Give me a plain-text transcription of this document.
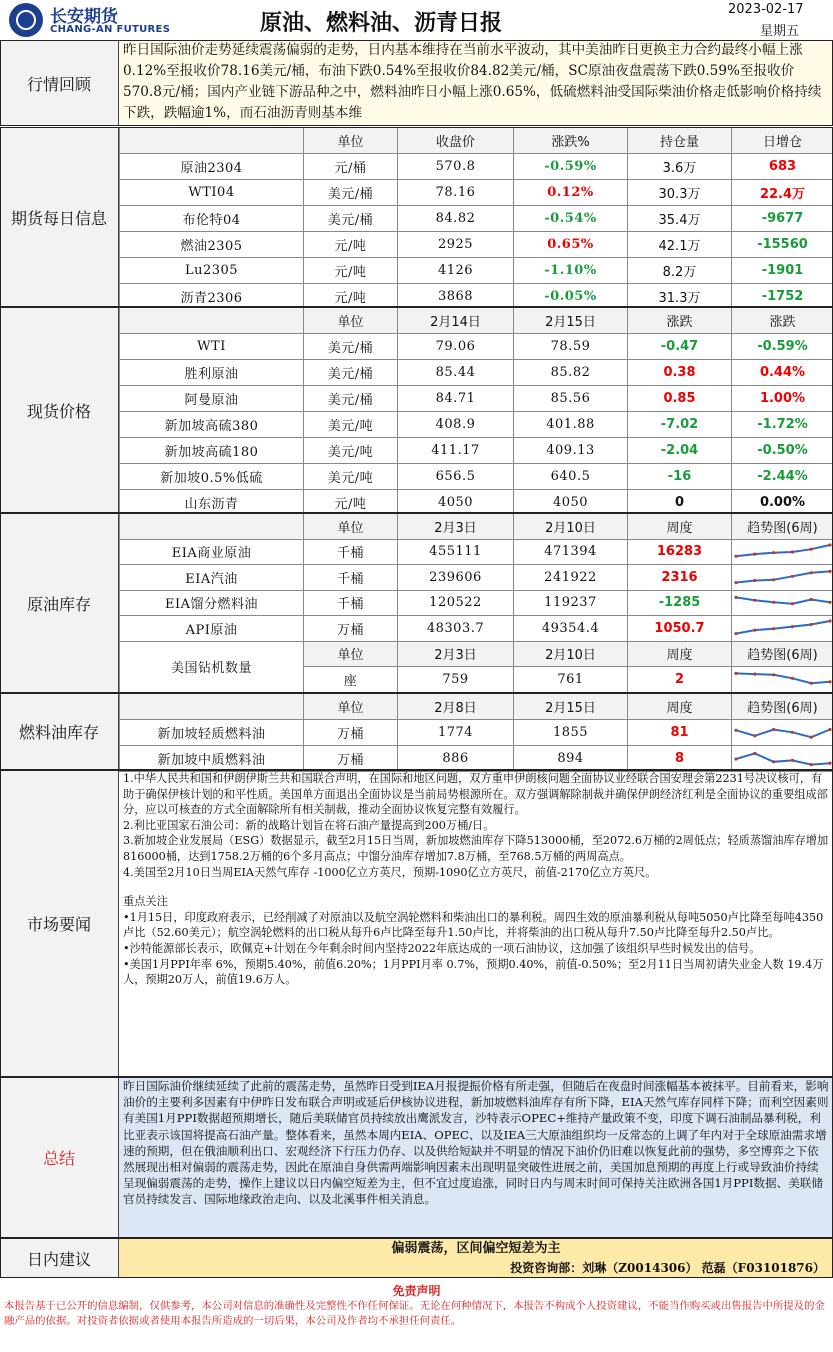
长安期货
CHANG-AN FUTURES	原油、燃料油、沥青日报
2023-02-17
星期五
行情回顾
昨日国际油价走势延续震荡偏弱的走势，日内基本维持在当前水平波动，其中美油昨日更换主力合约最终小幅上涨0.12%至报收价78.16美元/桶，布油下跌0.54%至报收价84.82美元/桶，SC原油夜盘震荡下跌0.59%至报收价570.8元/桶；国内产业链下游品种之中，燃料油昨日小幅上涨0.65%，低硫燃料油受国际柴油价格走低影响价格持续下跌，跌幅逾1%，而石油沥青则基本维
期货每日信息
	单位	收盘价	涨跌%	持仓量	日增仓
原油2304	元/桶	570.8	-0.59%	3.6万	683
WTI04	美元/桶	78.16	0.12%	30.3万	22.4万
布伦特04	美元/桶	84.82	-0.54%	35.4万	-9677
燃油2305	元/吨	2925	0.65%	42.1万	-15560
Lu2305	元/吨	4126	-1.10%	8.2万	-1901
沥青2306	元/吨	3868	-0.05%	31.3万	-1752
现货价格
	单位	2月14日	2月15日	涨跌	涨跌
WTI	美元/桶	79.06	78.59	-0.47	-0.59%
胜利原油	美元/桶	85.44	85.82	0.38	0.44%
阿曼原油	美元/桶	84.71	85.56	0.85	1.00%
新加坡高硫380	美元/吨	408.9	401.88	-7.02	-1.72%
新加坡高硫180	美元/吨	411.17	409.13	-2.04	-0.50%
新加坡0.5%低硫	美元/吨	656.5	640.5	-16	-2.44%
山东沥青	元/吨	4050	4050	0	0.00%
原油库存
	单位	2月3日	2月10日	周度	趋势图(6周)
EIA商业原油	千桶	455111	471394	16283	

EIA汽油	千桶	239606	241922	2316	

EIA馏分燃料油	千桶	120522	119237	-1285	

API原油	万桶	48303.7	49354.4	1050.7	

美国钻机数量	单位	2月3日	2月10日	周度	趋势图(6周)
	座	759	761	2	
燃料油库存
	单位	2月8日	2月15日	周度	趋势图(6周)
新加坡轻质燃料油	万桶	1774	1855	81	

新加坡中质燃料油	万桶	886	894	8	
市场要闻

1.中华人民共和国和伊朗伊斯兰共和国联合声明，在国际和地区问题，双方重申伊朗核问题全面协议业经联合国安理会第2231号决议核可，有助于确保伊核计划的和平性质。美国单方面退出全面协议是当前局势根源所在。双方强调解除制裁并确保伊朗经济红利是全面协议的重要组成部分，应以可核查的方式全面解除所有相关制裁，推动全面协议恢复完整有效履行。

2.利比亚国家石油公司：新的战略计划旨在将石油产量提高到200万桶/日。

3.新加坡企业发展局（ESG）数据显示，截至2月15日当周，新加坡燃油库存下降513000桶，至2072.6万桶的2周低点；轻质蒸馏油库存增加816000桶，达到1758.2万桶的6个多月高点；中馏分油库存增加7.8万桶，至768.5万桶的两周高点。

4.美国至2月10日当周EIA天然气库存 -1000亿立方英尺，预期-1090亿立方英尺，前值-2170亿立方英尺。

重点关注

•1月15日，印度政府表示，已经削减了对原油以及航空涡轮燃料和柴油出口的暴利税。周四生效的原油暴利税从每吨5050卢比降至每吨4350卢比（52.60美元）；航空涡轮燃料的出口税从每升6卢比降至每升1.50卢比，并将柴油的出口税从每升7.50卢比降至每升2.50卢比。

•沙特能源部长表示，欧佩克+计划在今年剩余时间内坚持2022年底达成的一项石油协议，这加强了该组织早些时候发出的信号。

•美国1月PPI年率 6%，预期5.40%，前值6.20%；1月PPI月率 0.7%，预期0.40%，前值-0.50%；至2月11日当周初请失业金人数 19.4万人，预期20万人，前值19.6万人。

总结
昨日国际油价继续延续了此前的震荡走势，虽然昨日受到IEA月报提振价格有所走强，但随后在夜盘时间涨幅基本被抹平。目前看来，影响油价的主要利多因素有中伊昨日发布联合声明或延后伊核协议进程，新加坡燃料油库存有所下降，EIA天然气库存同样下降；而利空因素则有美国1月PPI数据超预期增长，随后美联储官员持续放出鹰派发言，沙特表示OPEC+维持产量政策不变，印度下调石油制品暴利税，利比亚表示该国将提高石油产量。整体看来，虽然本周内EIA、OPEC、以及IEA三大原油组织均一反常态的上调了年内对于全球原油需求增速的预期，但在俄油顺利出口、宏观经济下行压力仍存、以及供给短缺并不明显的情况下油价仍旧难以恢复此前的强势，多空博弈之下依然展现出相对偏弱的震荡走势，因此在原油自身供需两端影响因素未出现明显突破性进展之前，美国加息预期的再度上行或导致油价持续呈现偏弱震荡的走势，操作上建议以日内偏空短差为主，但不宜过度追涨，同时日内与周末时间可保持关注欧洲各国1月PPI数据、美联储官员持续发言、国际地缘政治走向、以及北溪事件相关消息。
日内建议
偏弱震荡，区间偏空短差为主
投资咨询部：刘琳（Z0014306） 范磊（F03101876）
免责声明
本报告基于已公开的信息编制，仅供参考，本公司对信息的准确性及完整性不作任何保证。无论在何种情况下，本报告不构成个人投资建议，不能当作购买或出售报告中所提及的金融产品的依据。对投资者依据或者使用本报告所造成的一切后果，本公司及作者均不承担任何责任。
